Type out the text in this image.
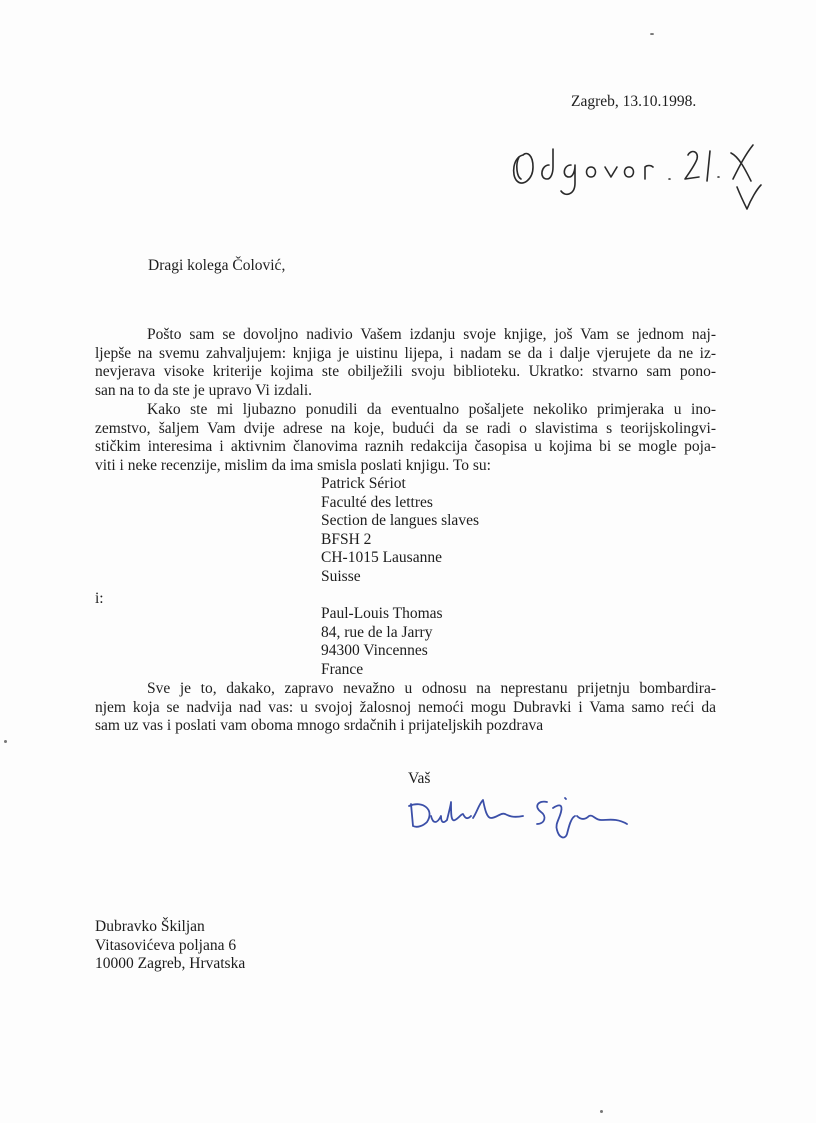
Zagreb, 13.10.1998.
Dragi kolega Čolović,
Pošto sam se dovoljno nadivio Vašem izdanju svoje knjige, još Vam se jednom naj-
ljepše na svemu zahvaljujem: knjiga je uistinu lijepa, i nadam se da i dalje vjerujete da ne iz-
nevjerava visoke kriterije kojima ste obilježili svoju biblioteku. Ukratko: stvarno sam ponо-
san na to da ste je upravo Vi izdali.
Kako ste mi ljubazno ponudili da eventualno pošaljete nekoliko primjeraka u ino-
zemstvo, šaljem Vam dvije adrese na koje, budući da se radi o slavistima s teorijskolingvi-
stičkim interesima i aktivnim članovima raznih redakcija časopisa u kojima bi se mogle poja-
viti i neke recenzije, mislim da ima smisla poslati knjigu. To su:
Patrick Sériot
Faculté des lettres
Section de langues slaves
BFSH 2
CH-1015 Lausanne
Suisse
i:
Paul-Louis Thomas
84, rue de la Jarry
94300 Vincennes
France
Sve je to, dakako, zapravo nevažno u odnosu na neprestanu prijetnju bombardira-
njem koja se nadvija nad vas: u svojoj žalosnoj nemoći mogu Dubravki i Vama samo reći da
sam uz vas i poslati vam oboma mnogo srdačnih i prijateljskih pozdrava
Vaš
Dubravko Škiljan
Vitasovićeva poljana 6
10000 Zagreb, Hrvatska
